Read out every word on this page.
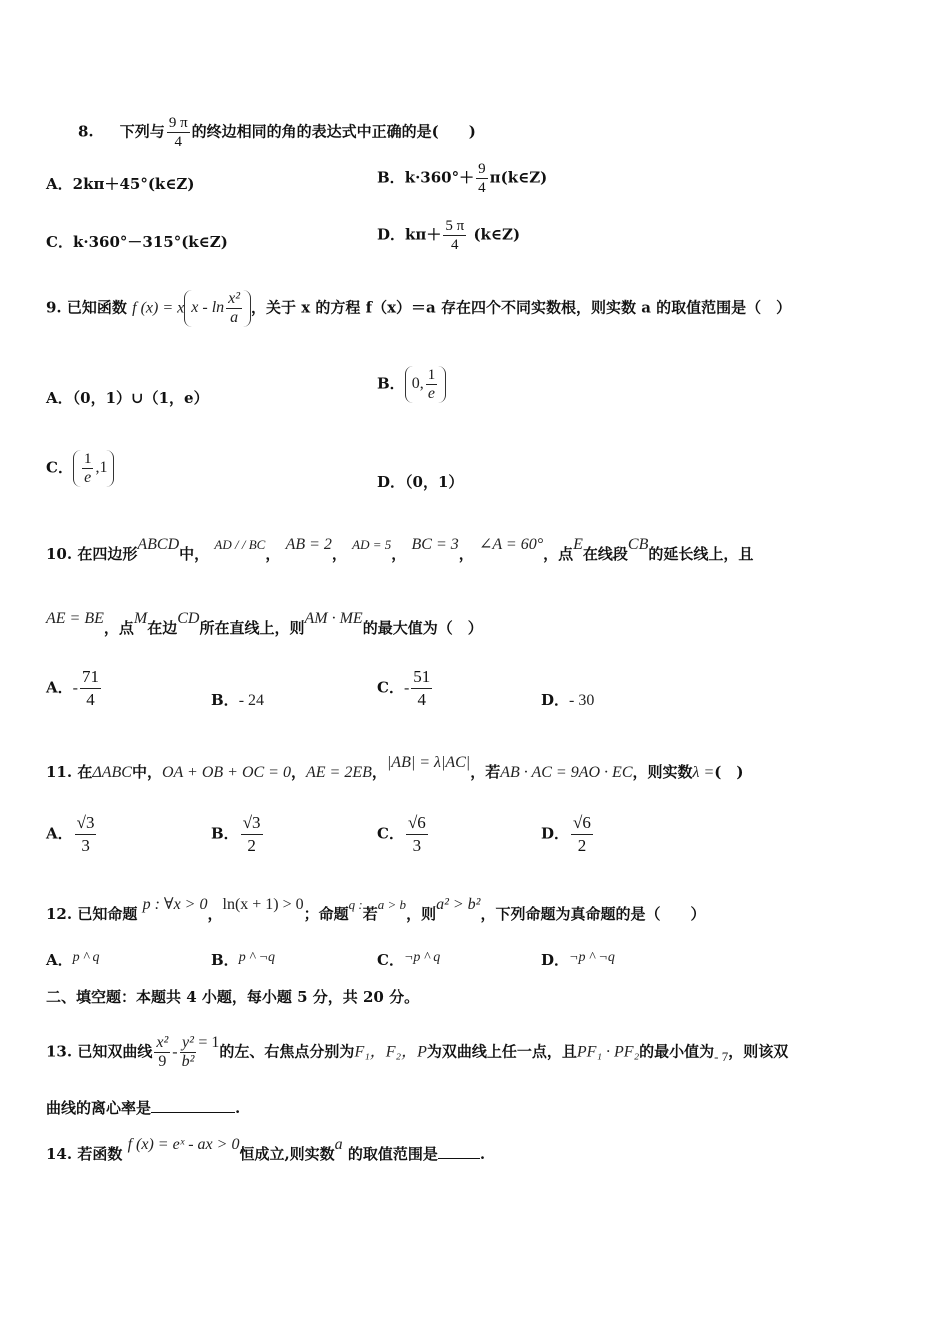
8. 下列与 $\frac{9 \pi}{4}$ 的终边相同的角的表达式中正确的是(　　)
A．2kπ＋45°(k∈Z)	B．$k\cdot 360^\circ+ \frac{9}{4}$ π(k∈Z)
C．k·360°－315°(k∈Z)	D．$k\pi+ \frac{5 \pi}{4}$ (k∈Z)
9. 已知函数 f (x) = x x - $\ln \frac{\text{x²}}{a}$ ，关于 x 的方程 f（x）＝a 存在四个不同实数根，则实数 a 的取值范围是（　）
A．（0，1）∪（1，e）
B． 0, $\frac{1}{e}$
C． $\frac{1}{e} ,1$
D．（0，1）
10. 在四边形ABCD中， AD / / BC， AB = 2， AD = 5， BC = 3， ∠A = 60°，点E在线段CB的延长线上，且
AE = BE，点M在边CD所在直线上，则AM · ME的最大值为（　）
A．- $\frac{71}{4}$	B．- 24
C．- $\frac{51}{4}$	D．- 30
11. 在ΔABC中，OA + OB + OC = 0，AE = 2EB，|AB| = λ|AC|，若AB · AC = 9AO · EC，则实数λ =(　)
A． $\frac{√3}{3}$	B． $\frac{√3}{2}$	C． $\frac{√6}{3}$	D． $\frac{√6}{2}$
12. 已知命题 p : ∀x > 0，ln(x + 1) > 0；命题q :若a > b，则a² > b²，下列命题为真命题的是（　　）
A．p ^ q	B．p ^ ¬q	C．¬p ^ q	D．¬p ^ ¬q
二、填空题：本题共 4 小题，每小题 5 分，共 20 分。
13. 已知双曲线 $\frac{\text{x²}}{9} - \frac{\text{y²}}{\text{b²}} = 1$的左、右焦点分别为F₁，F₂，P为双曲线上任一点，且PF₁ · PF₂的最小值为- 7，则该双
曲线的离心率是	.
14. 若函数 f (x) = eˣ - ax > 0恒成立,则实数a 的取值范围是	.
